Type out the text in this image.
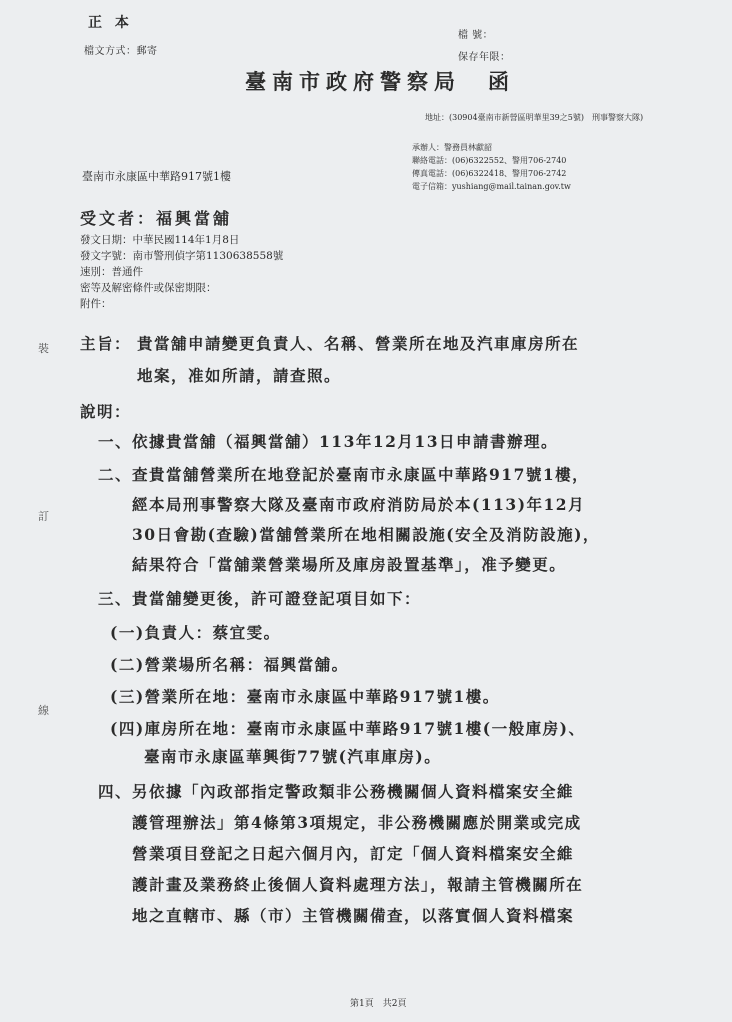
正 本
檔文方式：郵寄
檔 號：
保存年限：
臺南市政府警察局　函
地址：(30904臺南市新營區明華里39之5號)　刑事警察大隊)
承辦人：警務員林獻韶
聯絡電話：(06)6322552、警用706-2740
傳真電話：(06)6322418、警用706-2742
電子信箱：yushiang@mail.tainan.gov.tw
臺南市永康區中華路917號1樓
受文者：福興當舖
發文日期：中華民國114年1月8日
發文字號：南市警刑偵字第1130638558號
速別：普通件
密等及解密條件或保密期限：
附件：
裝
訂
線
主旨： 貴當舖申請變更負責人、名稱、營業所在地及汽車庫房所在
地案，准如所請，請查照。
說明：
一、依據貴當舖（福興當舖）113年12月13日申請書辦理。
二、查貴當舖營業所在地登記於臺南市永康區中華路917號1樓，
　　經本局刑事警察大隊及臺南市政府消防局於本(113)年12月
　　30日會勘(查驗)當舖營業所在地相關設施(安全及消防設施)，
　　結果符合「當舖業營業場所及庫房設置基準」，准予變更。
三、貴當舖變更後，許可證登記項目如下：
(一)負責人：蔡宜雯。
(二)營業場所名稱：福興當舖。
(三)營業所在地：臺南市永康區中華路917號1樓。
(四)庫房所在地：臺南市永康區中華路917號1樓(一般庫房)、
　　臺南市永康區華興街77號(汽車庫房)。
四、另依據「內政部指定警政類非公務機關個人資料檔案安全維
　　護管理辦法」第4條第3項規定，非公務機關應於開業或完成
　　營業項目登記之日起六個月內，訂定「個人資料檔案安全維
　　護計畫及業務終止後個人資料處理方法」，報請主管機關所在
　　地之直轄市、縣（市）主管機關備查，以落實個人資料檔案
第1頁　共2頁
